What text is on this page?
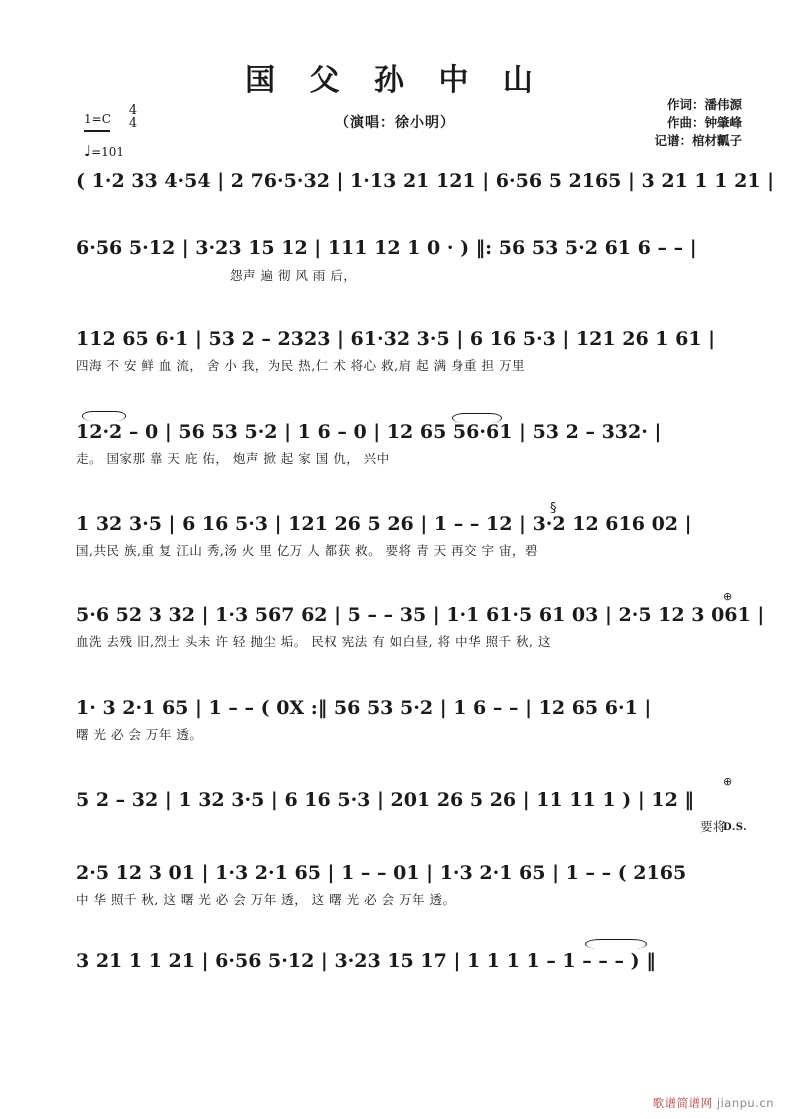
国 父 孙 中 山
（演唱：徐小明）
作词：潘伟源
作曲：钟肇峰
记谱：棺材瓤子
1=C
4
4
♩=101
( 1·2 33 4·54 | 2 76·5·32 | 1·13 21 121 | 6·56 5 2165 | 3 21 1 1 21 |
6·56 5·12 | 3·23 15 12 | 111 12 1 0 · ) ‖: 56 53 5·2 61 6 – – |
怨声 遍 彻 风 雨 后，
112 65 6·1 | 53 2 – 2323 | 61·32 3·5 | 6 16 5·3 | 121 26 1 61 |
四海 不 安 鲜 血 流， 舍 小 我，为民 热,仁 术 将心 救,肩 起 满 身重 担 万里
12·2 – 0 | 56 53 5·2 | 1 6 – 0 | 12 65 56·61 | 53 2 – 332· |
走。 国家那 靠 天 庇 佑， 炮声 掀 起 家 国 仇， 兴中
1 32 3·5 | 6 16 5·3 | 121 26 5 26 | 1 – – 12 | 3·2 12 616 02 |
国,共民 族,重 复 江山 秀,汤 火 里 亿万 人 都获 救。 要将 青 天 再交 宇 宙，碧
§
5·6 52 3 32 | 1·3 567 62 | 5 – – 35 | 1·1 61·5 61 03 | 2·5 12 3 061 |
血洗 去残 旧,烈士 头未 许 轻 抛尘 垢。 民权 宪法 有 如白昼, 将 中华 照千 秋, 这
⊕
1· 3 2·1 65 | 1 – – ( 0X :‖ 56 53 5·2 | 1 6 – – | 12 65 6·1 |
曙 光 必 会 万年 透。
5 2 – 32 | 1 32 3·5 | 6 16 5·3 | 201 26 5 26 | 11 11 1 ) | 12 ‖
要将
D.S.
⊕
2·5 12 3 01 | 1·3 2·1 65 | 1 – – 01 | 1·3 2·1 65 | 1 – – ( 2165
中 华 照千 秋, 这 曙 光 必 会 万年 透， 这 曙 光 必 会 万年 透。
3 21 1 1 21 | 6·56 5·12 | 3·23 15 17 | 1 1 1 1 – 1 – – – ) ‖
歌谱简谱网 jianpu.cn
